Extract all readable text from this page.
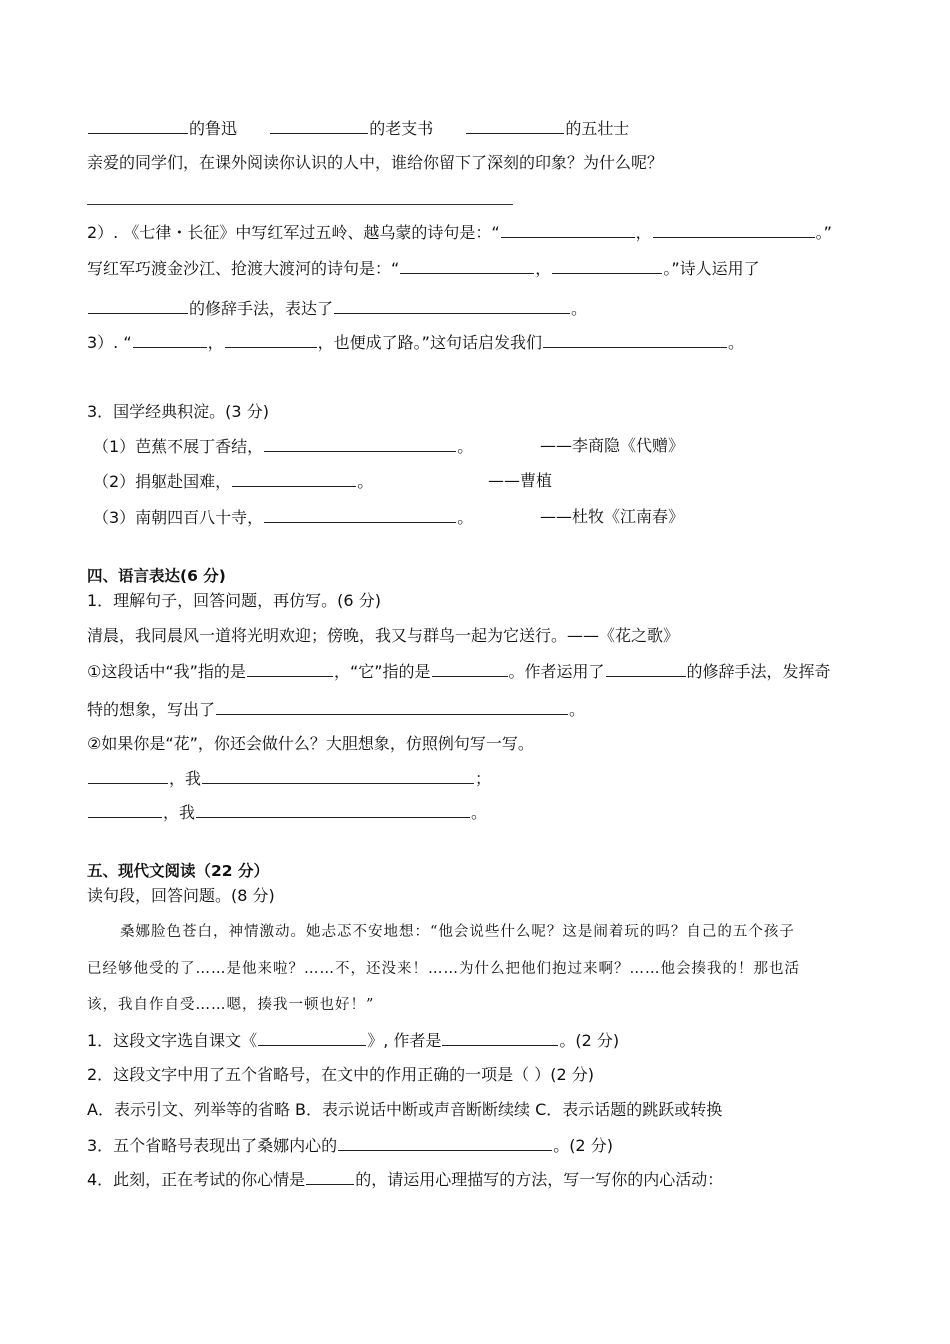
的鲁迅	的老支书	的五壮士
亲爱的同学们，在课外阅读你认识的人中，谁给你留下了深刻的印象？为什么呢？
2）. 《七律・长征》中写红军过五岭、越乌蒙的诗句是：“	，	。”
写红军巧渡金沙江、抢渡大渡河的诗句是：“	，	。”诗人运用了
的修辞手法，表达了	。
3）. “	，	，也便成了路。”这句话启发我们	。
3．国学经典积淀。(3 分)
（1）芭蕉不展丁香结，	。	——李商隐《代赠》
（2）捐躯赴国难，	。	——曹植
（3）南朝四百八十寺，	。	——杜牧《江南春》
四、语言表达(6 分)
1．理解句子，回答问题，再仿写。(6 分)
清晨，我同晨风一道将光明欢迎；傍晚，我又与群鸟一起为它送行。——《花之歌》
①这段话中“我”指的是	，“它”指的是	。作者运用了	的修辞手法，发挥奇
特的想象，写出了	。
②如果你是“花”，你还会做什么？大胆想象，仿照例句写一写。
，我	；
，我	。
五、现代文阅读（22 分）
读句段，回答问题。(8 分)
桑娜脸色苍白，神情激动。她忐忑不安地想：“他会说些什么呢？这是闹着玩的吗？自己的五个孩子
已经够他受的了……是他来啦？……不，还没来！……为什么把他们抱过来啊？……他会揍我的！那也活
该，我自作自受……嗯，揍我一顿也好！”
1．这段文字选自课文《	》, 作者是	。(2 分)
2．这段文字中用了五个省略号，在文中的作用正确的一项是（ ）(2 分)
A．表示引文、列举等的省略 B．表示说话中断或声音断断续续 C．表示话题的跳跃或转换
3．五个省略号表现出了桑娜内心的	。(2 分)
4．此刻，正在考试的你心情是	的，请运用心理描写的方法，写一写你的内心活动：
